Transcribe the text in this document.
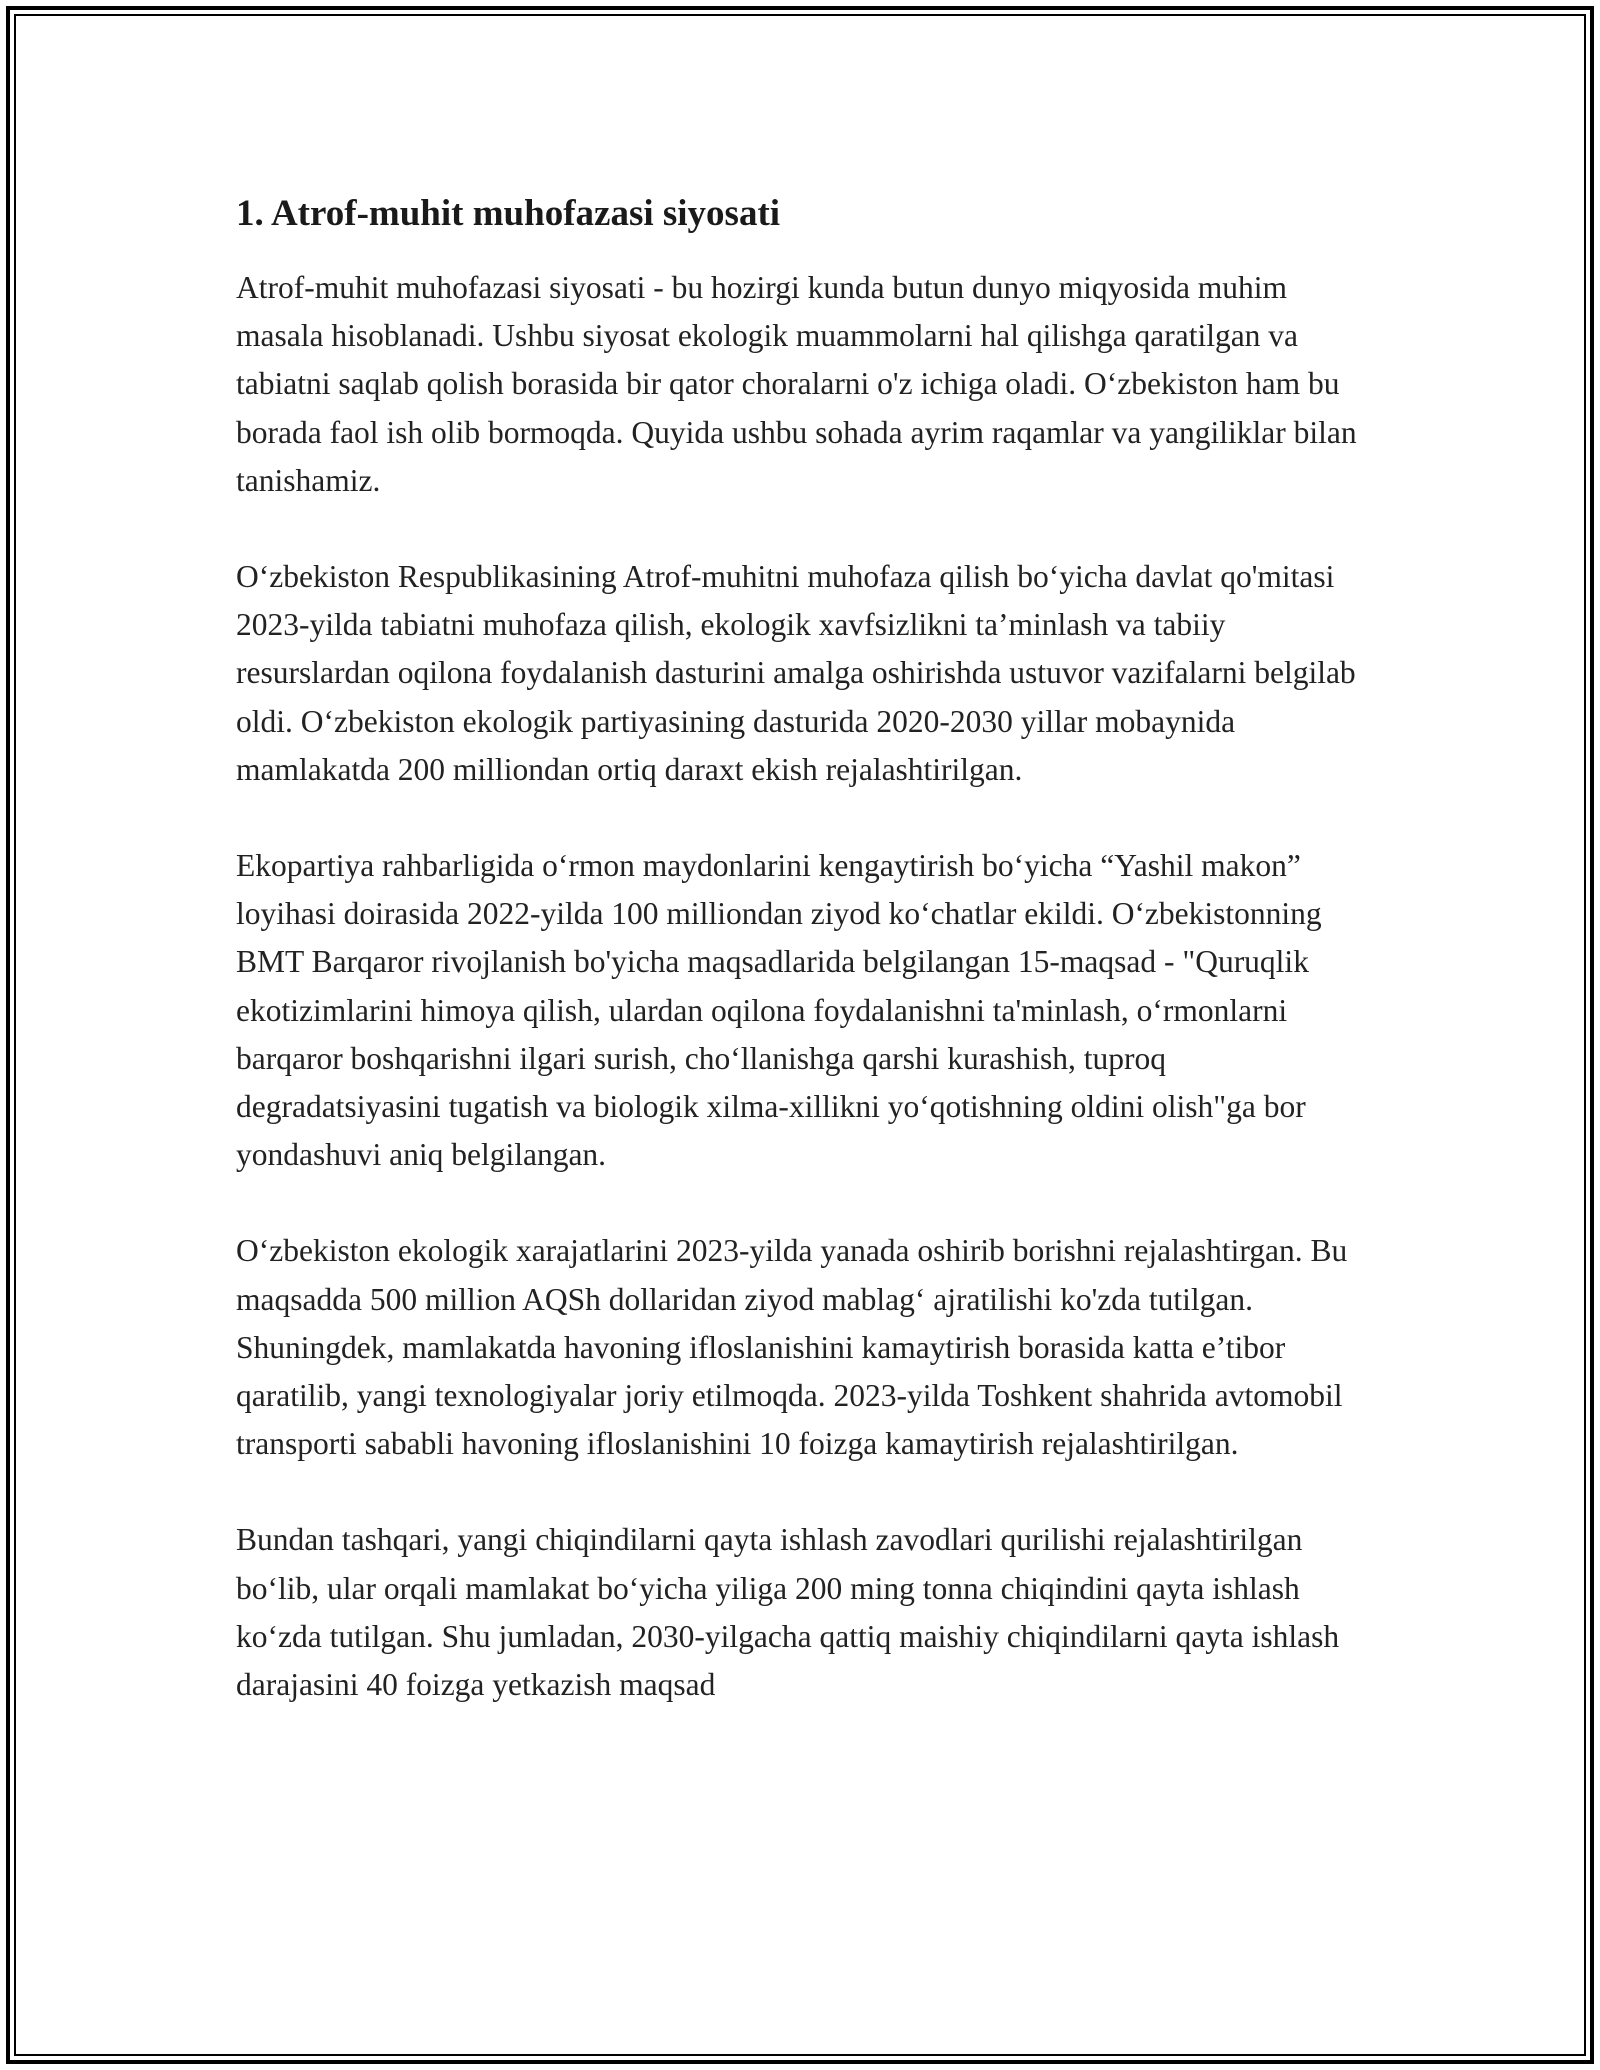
1. Atrof-muhit muhofazasi siyosati

Atrof-muhit muhofazasi siyosati - bu hozirgi kunda butun dunyo miqyosida muhim masala hisoblanadi. Ushbu siyosat ekologik muammolarni hal qilishga qaratilgan va tabiatni saqlab qolish borasida bir qator choralarni o'z ichiga oladi. O‘zbekiston ham bu borada faol ish olib bormoqda. Quyida ushbu sohada ayrim raqamlar va yangiliklar bilan tanishamiz.

O‘zbekiston Respublikasining Atrof-muhitni muhofaza qilish bo‘yicha davlat qo'mitasi 2023-yilda tabiatni muhofaza qilish, ekologik xavfsizlikni ta’minlash va tabiiy resurslardan oqilona foydalanish dasturini amalga oshirishda ustuvor vazifalarni belgilab oldi. O‘zbekiston ekologik partiyasining dasturida 2020-2030 yillar mobaynida mamlakatda 200 milliondan ortiq daraxt ekish rejalashtirilgan.

Ekopartiya rahbarligida o‘rmon maydonlarini kengaytirish bo‘yicha “Yashil makon” loyihasi doirasida 2022-yilda 100 milliondan ziyod ko‘chatlar ekildi. O‘zbekistonning BMT Barqaror rivojlanish bo'yicha maqsadlarida belgilangan 15-maqsad - "Quruqlik ekotizimlarini himoya qilish, ulardan oqilona foydalanishni ta'minlash, o‘rmonlarni barqaror boshqarishni ilgari surish, cho‘llanishga qarshi kurashish, tuproq degradatsiyasini tugatish va biologik xilma-xillikni yo‘qotishning oldini olish"ga bor yondashuvi aniq belgilangan.

O‘zbekiston ekologik xarajatlarini 2023-yilda yanada oshirib borishni rejalashtirgan. Bu maqsadda 500 million AQSh dollaridan ziyod mablag‘ ajratilishi ko'zda tutilgan. Shuningdek, mamlakatda havoning ifloslanishini kamaytirish borasida katta e’tibor qaratilib, yangi texnologiyalar joriy etilmoqda. 2023-yilda Toshkent shahrida avtomobil transporti sababli havoning ifloslanishini 10 foizga kamaytirish rejalashtirilgan.

Bundan tashqari, yangi chiqindilarni qayta ishlash zavodlari qurilishi rejalashtirilgan bo‘lib, ular orqali mamlakat bo‘yicha yiliga 200 ming tonna chiqindini qayta ishlash ko‘zda tutilgan. Shu jumladan, 2030-yilgacha qattiq maishiy chiqindilarni qayta ishlash darajasini 40 foizga yetkazish maqsad
